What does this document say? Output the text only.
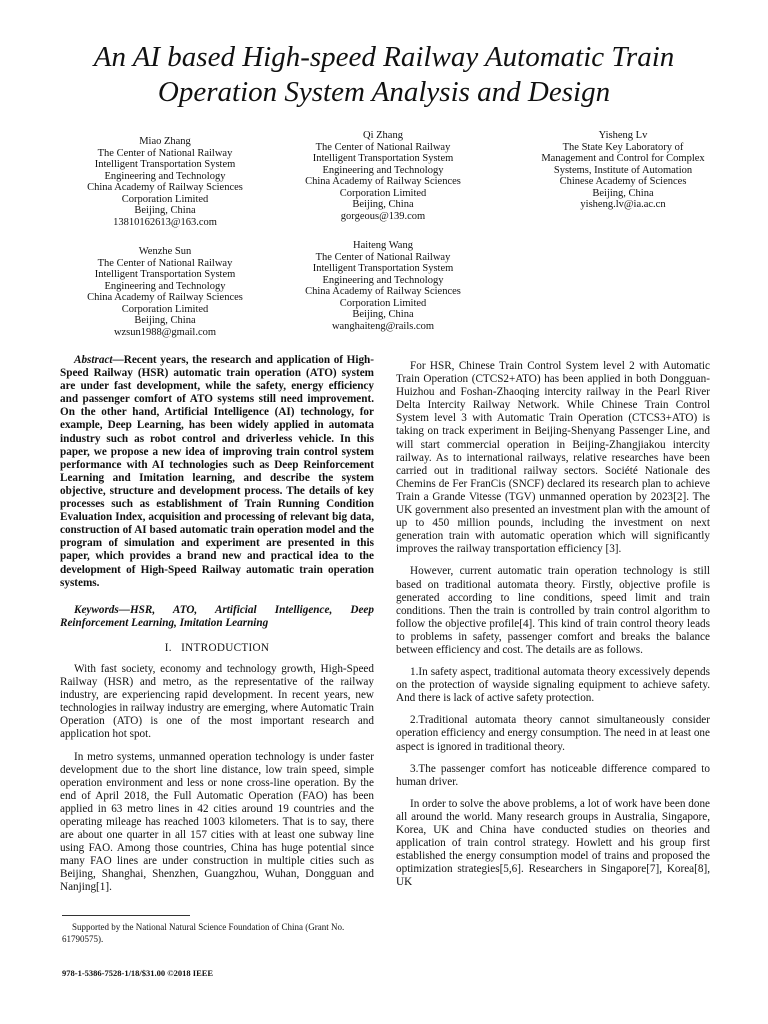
An AI based High-speed Railway Automatic Train
Operation System Analysis and Design
Miao Zhang
The Center of National Railway
Intelligent Transportation System
Engineering and Technology
China Academy of Railway Sciences
Corporation Limited
Beijing, China
13810162613@163.com
Qi Zhang
The Center of National Railway
Intelligent Transportation System
Engineering and Technology
China Academy of Railway Sciences
Corporation Limited
Beijing, China
gorgeous@139.com
Yisheng Lv
The State Key Laboratory of
Management and Control for Complex
Systems, Institute of Automation
Chinese Academy of Sciences
Beijing, China
yisheng.lv@ia.ac.cn
Wenzhe Sun
The Center of National Railway
Intelligent Transportation System
Engineering and Technology
China Academy of Railway Sciences
Corporation Limited
Beijing, China
wzsun1988@gmail.com
Haiteng Wang
The Center of National Railway
Intelligent Transportation System
Engineering and Technology
China Academy of Railway Sciences
Corporation Limited
Beijing, China
wanghaiteng@rails.com

Abstract—Recent years, the research and application of High-Speed Railway (HSR) automatic train operation (ATO) system are under fast development, while the safety, energy efficiency and passenger comfort of ATO systems still need improvement. On the other hand, Artificial Intelligence (AI) technology, for example, Deep Learning, has been widely applied in automata industry such as robot control and driverless vehicle. In this paper, we propose a new idea of improving train control system performance with AI technologies such as Deep Reinforcement Learning and Imitation learning, and describe the system objective, structure and development process. The details of key processes such as establishment of Train Running Condition Evaluation Index, acquisition and processing of relevant big data, construction of AI based automatic train operation model and the program of simulation and experiment are presented in this paper, which provides a brand new and practical idea to the development of High-Speed Railway automatic train operation systems.

Keywords—HSR, ATO, Artificial Intelligence, Deep Reinforcement Learning, Imitation Learning

I. INTRODUCTION

With fast society, economy and technology growth, High-Speed Railway (HSR) and metro, as the representative of the railway industry, are experiencing rapid development. In recent years, new technologies in railway industry are emerging, where Automatic Train Operation (ATO) is one of the most important research and application hot spot.

In metro systems, unmanned operation technology is under faster development due to the short line distance, low train speed, simple operation environment and less or none cross-line operation. By the end of April 2018, the Full Automatic Operation (FAO) has been applied in 63 metro lines in 42 cities around 19 countries and the operating mileage has reached 1003 kilometers. That is to say, there are about one quarter in all 157 cities with at least one subway line using FAO. Among those countries, China has huge potential since many FAO lines are under construction in multiple cities such as Beijing, Shanghai, Shenzhen, Guangzhou, Wuhan, Dongguan and Nanjing[1].

Supported by the National Natural Science Foundation of China (Grant No. 61790575).
978-1-5386-7528-1/18/$31.00 ©2018 IEEE

For HSR, Chinese Train Control System level 2 with Automatic Train Operation (CTCS2+ATO) has been applied in both Dongguan-Huizhou and Foshan-Zhaoqing intercity railway in the Pearl River Delta Intercity Railway Network. While Chinese Train Control System level 3 with Automatic Train Operation (CTCS3+ATO) is taking on track experiment in Beijing-Shenyang Passenger Line, and will start commercial operation in Beijing-Zhangjiakou intercity railway. As to international railways, relative researches have been carried out in traditional railway sectors. Société Nationale des Chemins de Fer FranCis (SNCF) declared its research plan to achieve Train a Grande Vitesse (TGV) unmanned operation by 2023[2]. The UK government also presented an investment plan with the amount of up to 450 million pounds, including the investment on next generation train with automatic operation which will significantly improves the railway transportation efficiency [3].

However, current automatic train operation technology is still based on traditional automata theory. Firstly, objective profile is generated according to line conditions, speed limit and train conditions. Then the train is controlled by train control algorithm to follow the objective profile[4]. This kind of train control theory leads to problems in safety, passenger comfort and breaks the balance between efficiency and cost. The details are as follows.

1.In safety aspect, traditional automata theory excessively depends on the protection of wayside signaling equipment to achieve safety. And there is lack of active safety protection.

2.Traditional automata theory cannot simultaneously consider operation efficiency and energy consumption. The need in at least one aspect is ignored in traditional theory.

3.The passenger comfort has noticeable difference compared to human driver.

In order to solve the above problems, a lot of work have been done all around the world. Many research groups in Australia, Singapore, Korea, UK and China have conducted studies on theories and application of train control strategy. Howlett and his group first established the energy consumption model of trains and proposed the optimization strategies[5,6]. Researchers in Singapore[7], Korea[8], UK
